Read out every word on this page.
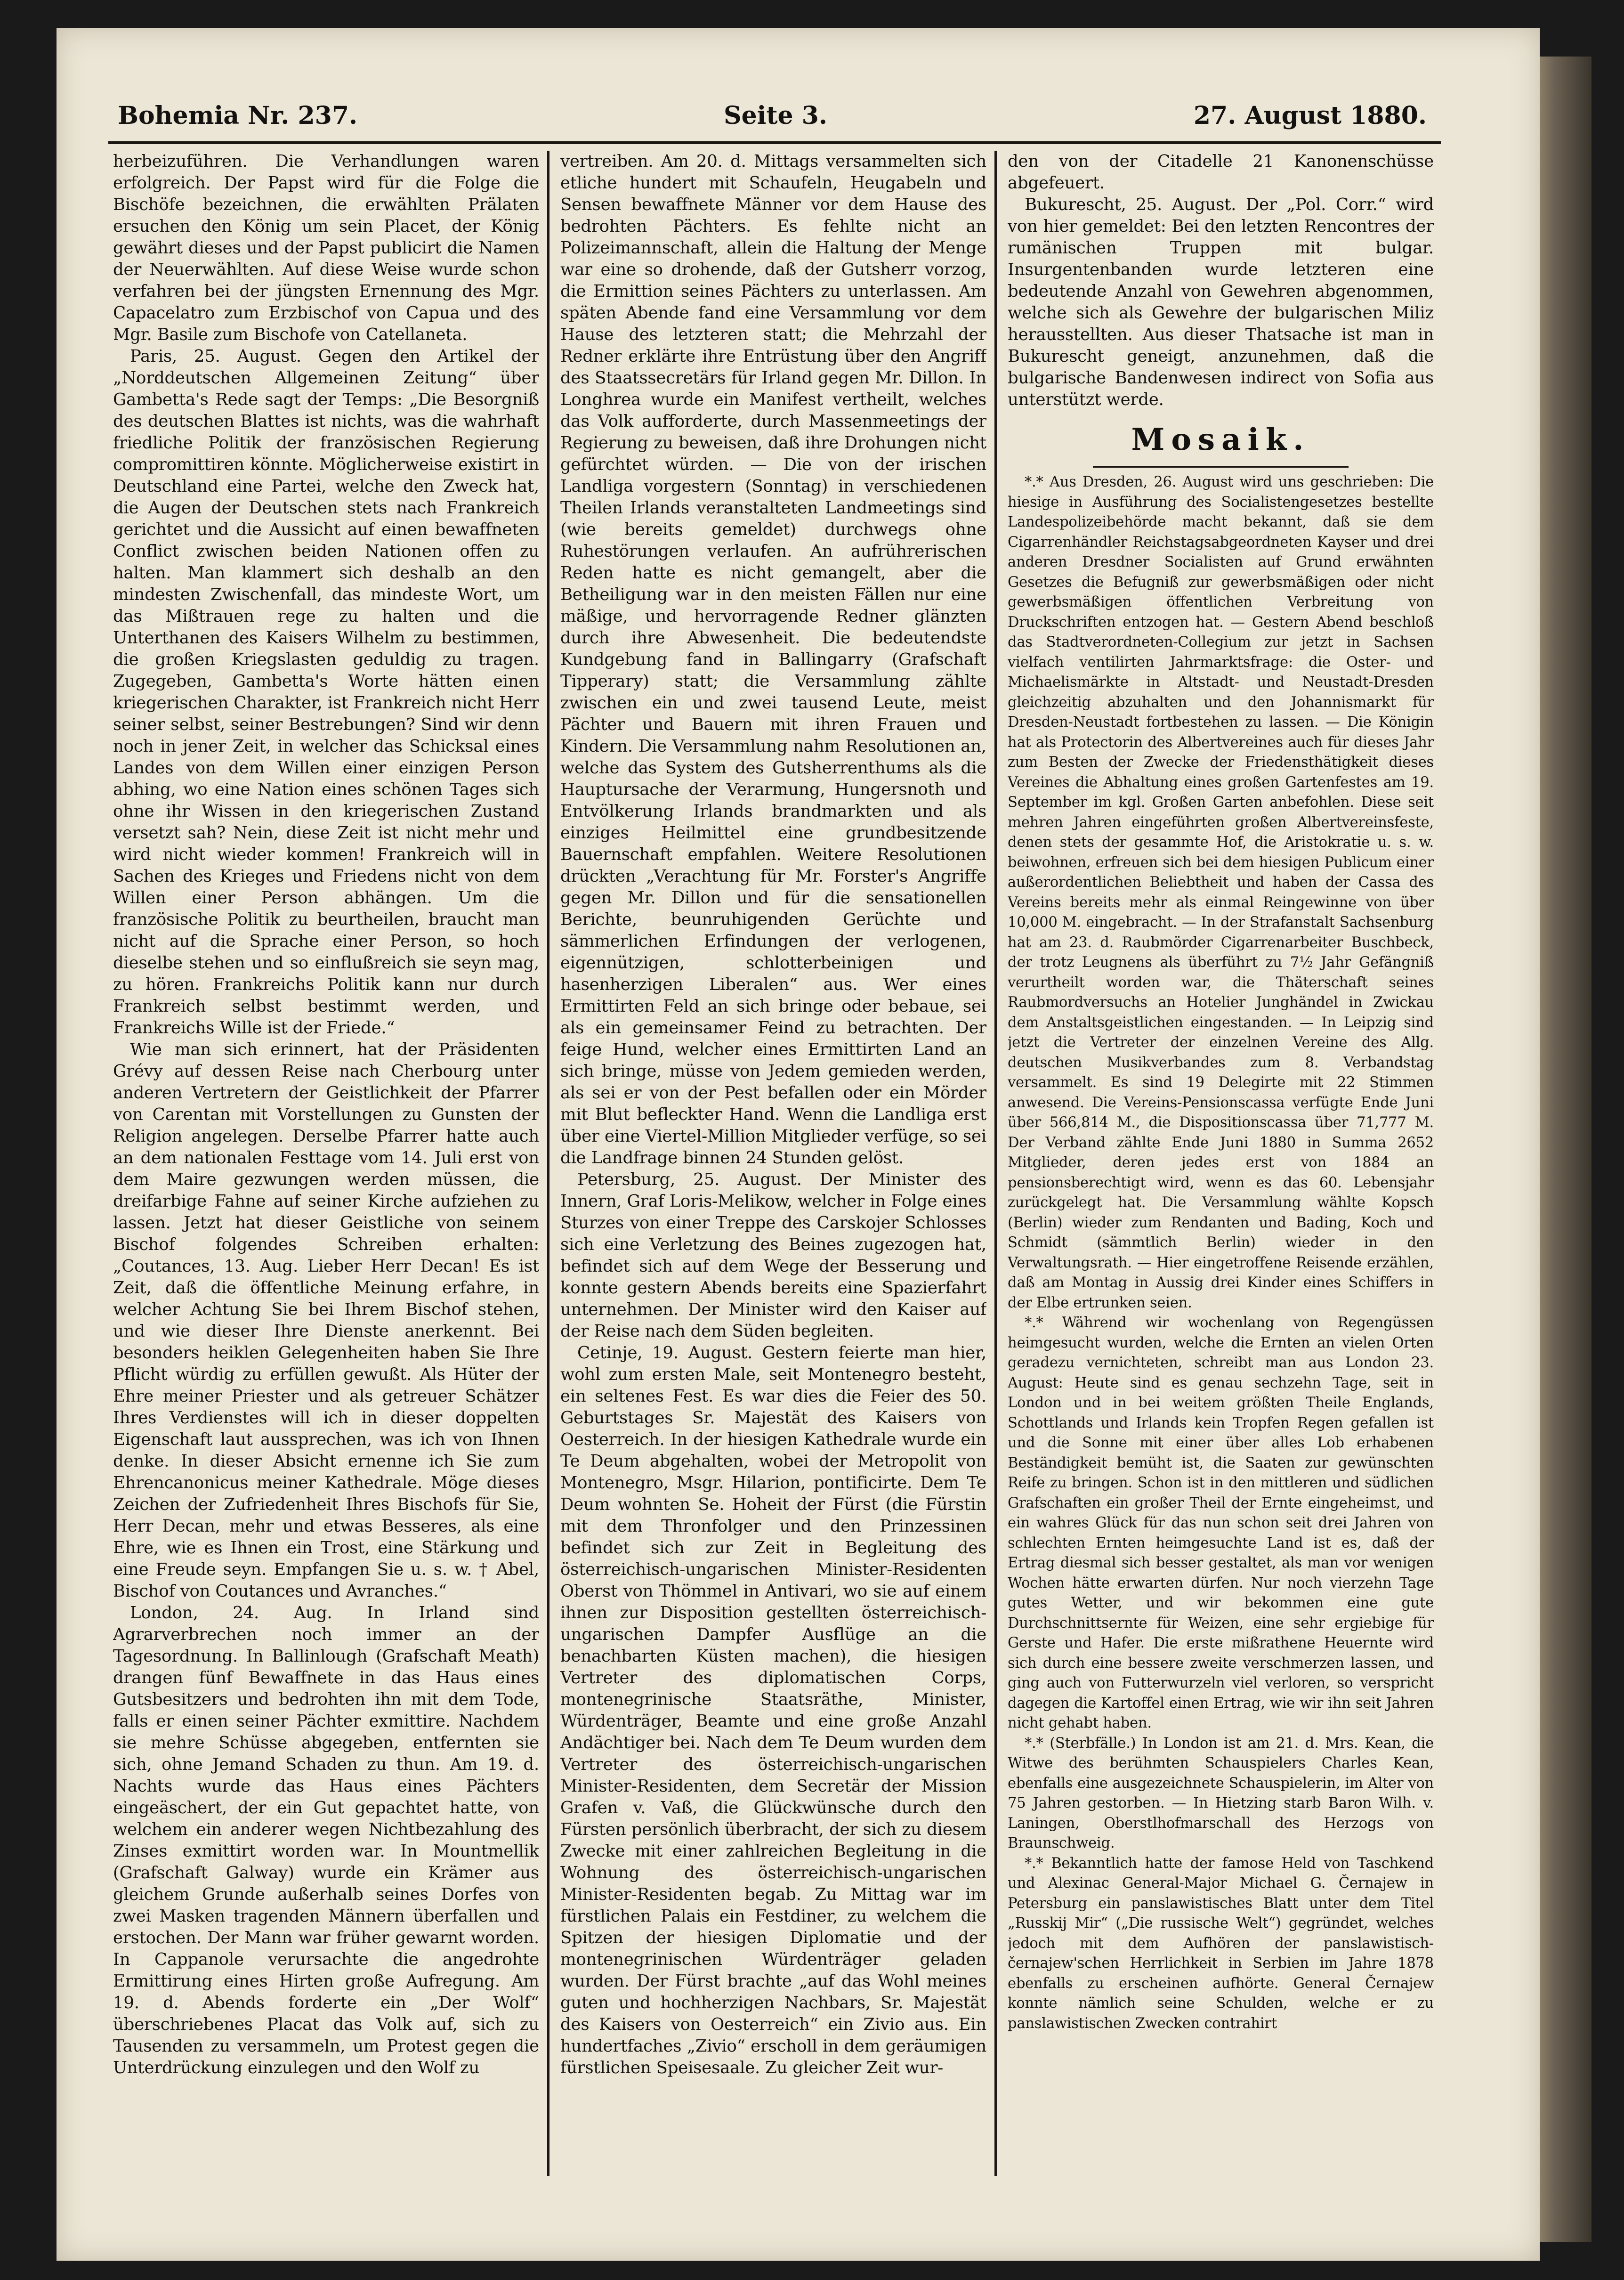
Bohemia Nr. 237.	Seite 3.	27. August 1880.

herbeizuführen. Die Verhandlungen waren erfolgreich. Der Papst wird für die Folge die Bischöfe bezeichnen, die erwählten Prälaten ersuchen den König um sein Placet, der König gewährt dieses und der Papst publicirt die Namen der Neuerwählten. Auf diese Weise wurde schon verfahren bei der jüngsten Ernennung des Mgr. Capacelatro zum Erzbischof von Capua und des Mgr. Basile zum Bischofe von Catellaneta.

Paris, 25. August. Gegen den Artikel der „Norddeutschen Allgemeinen Zeitung“ über Gambetta's Rede sagt der Temps: „Die Besorgniß des deutschen Blattes ist nichts, was die wahrhaft friedliche Politik der französischen Regierung compromittiren könnte. Möglicherweise existirt in Deutschland eine Partei, welche den Zweck hat, die Augen der Deutschen stets nach Frankreich gerichtet und die Aussicht auf einen bewaffneten Conflict zwischen beiden Nationen offen zu halten. Man klammert sich deshalb an den mindesten Zwischenfall, das mindeste Wort, um das Mißtrauen rege zu halten und die Unterthanen des Kaisers Wilhelm zu bestimmen, die großen Kriegslasten geduldig zu tragen. Zugegeben, Gambetta's Worte hätten einen kriegerischen Charakter, ist Frankreich nicht Herr seiner selbst, seiner Bestrebungen? Sind wir denn noch in jener Zeit, in welcher das Schicksal eines Landes von dem Willen einer einzigen Person abhing, wo eine Nation eines schönen Tages sich ohne ihr Wissen in den kriegerischen Zustand versetzt sah? Nein, diese Zeit ist nicht mehr und wird nicht wieder kommen! Frankreich will in Sachen des Krieges und Friedens nicht von dem Willen einer Person abhängen. Um die französische Politik zu beurtheilen, braucht man nicht auf die Sprache einer Person, so hoch dieselbe stehen und so einflußreich sie seyn mag, zu hören. Frankreichs Politik kann nur durch Frankreich selbst bestimmt werden, und Frankreichs Wille ist der Friede.“

Wie man sich erinnert, hat der Präsidenten Grévy auf dessen Reise nach Cherbourg unter anderen Vertretern der Geistlichkeit der Pfarrer von Carentan mit Vorstellungen zu Gunsten der Religion angelegen. Derselbe Pfarrer hatte auch an dem nationalen Festtage vom 14. Juli erst von dem Maire gezwungen werden müssen, die dreifarbige Fahne auf seiner Kirche aufziehen zu lassen. Jetzt hat dieser Geistliche von seinem Bischof folgendes Schreiben erhalten: „Coutances, 13. Aug. Lieber Herr Decan! Es ist Zeit, daß die öffentliche Meinung erfahre, in welcher Achtung Sie bei Ihrem Bischof stehen, und wie dieser Ihre Dienste anerkennt. Bei besonders heiklen Gelegenheiten haben Sie Ihre Pflicht würdig zu erfüllen gewußt. Als Hüter der Ehre meiner Priester und als getreuer Schätzer Ihres Verdienstes will ich in dieser doppelten Eigenschaft laut aussprechen, was ich von Ihnen denke. In dieser Absicht ernenne ich Sie zum Ehrencanonicus meiner Kathedrale. Möge dieses Zeichen der Zufriedenheit Ihres Bischofs für Sie, Herr Decan, mehr und etwas Besseres, als eine Ehre, wie es Ihnen ein Trost, eine Stärkung und eine Freude seyn. Empfangen Sie u. s. w. † Abel, Bischof von Coutances und Avranches.“

London, 24. Aug. In Irland sind Agrarverbrechen noch immer an der Tagesordnung. In Ballinlough (Grafschaft Meath) drangen fünf Bewaffnete in das Haus eines Gutsbesitzers und bedrohten ihn mit dem Tode, falls er einen seiner Pächter exmittire. Nachdem sie mehre Schüsse abgegeben, entfernten sie sich, ohne Jemand Schaden zu thun. Am 19. d. Nachts wurde das Haus eines Pächters eingeäschert, der ein Gut gepachtet hatte, von welchem ein anderer wegen Nichtbezahlung des Zinses exmittirt worden war. In Mountmellik (Grafschaft Galway) wurde ein Krämer aus gleichem Grunde außerhalb seines Dorfes von zwei Masken tragenden Männern überfallen und erstochen. Der Mann war früher gewarnt worden. In Cappanole verursachte die angedrohte Ermittirung eines Hirten große Aufregung. Am 19. d. Abends forderte ein „Der Wolf“ überschriebenes Placat das Volk auf, sich zu Tausenden zu versammeln, um Protest gegen die Unterdrückung einzulegen und den Wolf zu

vertreiben. Am 20. d. Mittags versammelten sich etliche hundert mit Schaufeln, Heugabeln und Sensen bewaffnete Männer vor dem Hause des bedrohten Pächters. Es fehlte nicht an Polizeimannschaft, allein die Haltung der Menge war eine so drohende, daß der Gutsherr vorzog, die Ermittion seines Pächters zu unterlassen. Am späten Abende fand eine Versammlung vor dem Hause des letzteren statt; die Mehrzahl der Redner erklärte ihre Entrüstung über den Angriff des Staatssecretärs für Irland gegen Mr. Dillon. In Longhrea wurde ein Manifest vertheilt, welches das Volk aufforderte, durch Massenmeetings der Regierung zu beweisen, daß ihre Drohungen nicht gefürchtet würden. — Die von der irischen Landliga vorgestern (Sonntag) in verschiedenen Theilen Irlands veranstalteten Landmeetings sind (wie bereits gemeldet) durchwegs ohne Ruhestörungen verlaufen. An aufrührerischen Reden hatte es nicht gemangelt, aber die Betheiligung war in den meisten Fällen nur eine mäßige, und hervorragende Redner glänzten durch ihre Abwesenheit. Die bedeutendste Kundgebung fand in Ballingarry (Grafschaft Tipperary) statt; die Versammlung zählte zwischen ein und zwei tausend Leute, meist Pächter und Bauern mit ihren Frauen und Kindern. Die Versammlung nahm Resolutionen an, welche das System des Gutsherrenthums als die Hauptursache der Verarmung, Hungersnoth und Entvölkerung Irlands brandmarkten und als einziges Heilmittel eine grundbesitzende Bauernschaft empfahlen. Weitere Resolutionen drückten „Verachtung für Mr. Forster's Angriffe gegen Mr. Dillon und für die sensationellen Berichte, beunruhigenden Gerüchte und sämmerlichen Erfindungen der verlogenen, eigennützigen, schlotterbeinigen und hasenherzigen Liberalen“ aus. Wer eines Ermittirten Feld an sich bringe oder bebaue, sei als ein gemeinsamer Feind zu betrachten. Der feige Hund, welcher eines Ermittirten Land an sich bringe, müsse von Jedem gemieden werden, als sei er von der Pest befallen oder ein Mörder mit Blut befleckter Hand. Wenn die Landliga erst über eine Viertel-Million Mitglieder verfüge, so sei die Landfrage binnen 24 Stunden gelöst.

Petersburg, 25. August. Der Minister des Innern, Graf Loris-Melikow, welcher in Folge eines Sturzes von einer Treppe des Carskojer Schlosses sich eine Verletzung des Beines zugezogen hat, befindet sich auf dem Wege der Besserung und konnte gestern Abends bereits eine Spazierfahrt unternehmen. Der Minister wird den Kaiser auf der Reise nach dem Süden begleiten.

Cetinje, 19. August. Gestern feierte man hier, wohl zum ersten Male, seit Montenegro besteht, ein seltenes Fest. Es war dies die Feier des 50. Geburtstages Sr. Majestät des Kaisers von Oesterreich. In der hiesigen Kathedrale wurde ein Te Deum abgehalten, wobei der Metropolit von Montenegro, Msgr. Hilarion, pontificirte. Dem Te Deum wohnten Se. Hoheit der Fürst (die Fürstin mit dem Thronfolger und den Prinzessinen befindet sich zur Zeit in Begleitung des österreichisch-ungarischen Minister-Residenten Oberst von Thömmel in Antivari, wo sie auf einem ihnen zur Disposition gestellten österreichisch-ungarischen Dampfer Ausflüge an die benachbarten Küsten machen), die hiesigen Vertreter des diplomatischen Corps, montenegrinische Staatsräthe, Minister, Würdenträger, Beamte und eine große Anzahl Andächtiger bei. Nach dem Te Deum wurden dem Vertreter des österreichisch-ungarischen Minister-Residenten, dem Secretär der Mission Grafen v. Vaß, die Glückwünsche durch den Fürsten persönlich überbracht, der sich zu diesem Zwecke mit einer zahlreichen Begleitung in die Wohnung des österreichisch-ungarischen Minister-Residenten begab. Zu Mittag war im fürstlichen Palais ein Festdiner, zu welchem die Spitzen der hiesigen Diplomatie und der montenegrinischen Würdenträger geladen wurden. Der Fürst brachte „auf das Wohl meines guten und hochherzigen Nachbars, Sr. Majestät des Kaisers von Oesterreich“ ein Zivio aus. Ein hundertfaches „Zivio“ erscholl in dem geräumigen fürstlichen Speisesaale. Zu gleicher Zeit wur-

den von der Citadelle 21 Kanonenschüsse abgefeuert.

Bukurescht, 25. August. Der „Pol. Corr.“ wird von hier gemeldet: Bei den letzten Rencontres der rumänischen Truppen mit bulgar. Insurgentenbanden wurde letzteren eine bedeutende Anzahl von Gewehren abgenommen, welche sich als Gewehre der bulgarischen Miliz herausstellten. Aus dieser Thatsache ist man in Bukurescht geneigt, anzunehmen, daß die bulgarische Bandenwesen indirect von Sofia aus unterstützt werde.

Mosaik.

*.* Aus Dresden, 26. August wird uns geschrieben: Die hiesige in Ausführung des Socialistengesetzes bestellte Landespolizeibehörde macht bekannt, daß sie dem Cigarrenhändler Reichstagsabgeordneten Kayser und drei anderen Dresdner Socialisten auf Grund erwähnten Gesetzes die Befugniß zur gewerbsmäßigen oder nicht gewerbsmäßigen öffentlichen Verbreitung von Druckschriften entzogen hat. — Gestern Abend beschloß das Stadtverordneten-Collegium zur jetzt in Sachsen vielfach ventilirten Jahrmarktsfrage: die Oster- und Michaelismärkte in Altstadt- und Neustadt-Dresden gleichzeitig abzuhalten und den Johannismarkt für Dresden-Neustadt fortbestehen zu lassen. — Die Königin hat als Protectorin des Albertvereines auch für dieses Jahr zum Besten der Zwecke der Friedensthätigkeit dieses Vereines die Abhaltung eines großen Gartenfestes am 19. September im kgl. Großen Garten anbefohlen. Diese seit mehren Jahren eingeführten großen Albertvereinsfeste, denen stets der gesammte Hof, die Aristokratie u. s. w. beiwohnen, erfreuen sich bei dem hiesigen Publicum einer außerordentlichen Beliebtheit und haben der Cassa des Vereins bereits mehr als einmal Reingewinne von über 10,000 M. eingebracht. — In der Strafanstalt Sachsenburg hat am 23. d. Raubmörder Cigarrenarbeiter Buschbeck, der trotz Leugnens als überführt zu 7½ Jahr Gefängniß verurtheilt worden war, die Thäterschaft seines Raubmordversuchs an Hotelier Junghändel in Zwickau dem Anstaltsgeistlichen eingestanden. — In Leipzig sind jetzt die Vertreter der einzelnen Vereine des Allg. deutschen Musikverbandes zum 8. Verbandstag versammelt. Es sind 19 Delegirte mit 22 Stimmen anwesend. Die Vereins-Pensionscassa verfügte Ende Juni über 566,814 M., die Dispositionscassa über 71,777 M. Der Verband zählte Ende Juni 1880 in Summa 2652 Mitglieder, deren jedes erst von 1884 an pensionsberechtigt wird, wenn es das 60. Lebensjahr zurückgelegt hat. Die Versammlung wählte Kopsch (Berlin) wieder zum Rendanten und Bading, Koch und Schmidt (sämmtlich Berlin) wieder in den Verwaltungsrath. — Hier eingetroffene Reisende erzählen, daß am Montag in Aussig drei Kinder eines Schiffers in der Elbe ertrunken seien.

*.* Während wir wochenlang von Regengüssen heimgesucht wurden, welche die Ernten an vielen Orten geradezu vernichteten, schreibt man aus London 23. August: Heute sind es genau sechzehn Tage, seit in London und in bei weitem größten Theile Englands, Schottlands und Irlands kein Tropfen Regen gefallen ist und die Sonne mit einer über alles Lob erhabenen Beständigkeit bemüht ist, die Saaten zur gewünschten Reife zu bringen. Schon ist in den mittleren und südlichen Grafschaften ein großer Theil der Ernte eingeheimst, und ein wahres Glück für das nun schon seit drei Jahren von schlechten Ernten heimgesuchte Land ist es, daß der Ertrag diesmal sich besser gestaltet, als man vor wenigen Wochen hätte erwarten dürfen. Nur noch vierzehn Tage gutes Wetter, und wir bekommen eine gute Durchschnittsernte für Weizen, eine sehr ergiebige für Gerste und Hafer. Die erste mißrathene Heuernte wird sich durch eine bessere zweite verschmerzen lassen, und ging auch von Futterwurzeln viel verloren, so verspricht dagegen die Kartoffel einen Ertrag, wie wir ihn seit Jahren nicht gehabt haben.

*.* (Sterbfälle.) In London ist am 21. d. Mrs. Kean, die Witwe des berühmten Schauspielers Charles Kean, ebenfalls eine ausgezeichnete Schauspielerin, im Alter von 75 Jahren gestorben. — In Hietzing starb Baron Wilh. v. Laningen, Oberstlhofmarschall des Herzogs von Braunschweig.

*.* Bekanntlich hatte der famose Held von Taschkend und Alexinac General-Major Michael G. Černajew in Petersburg ein panslawistisches Blatt unter dem Titel „Russkij Mir“ („Die russische Welt“) gegründet, welches jedoch mit dem Aufhören der panslawistisch-černajew'schen Herrlichkeit in Serbien im Jahre 1878 ebenfalls zu erscheinen aufhörte. General Černajew konnte nämlich seine Schulden, welche er zu panslawistischen Zwecken contrahirt
